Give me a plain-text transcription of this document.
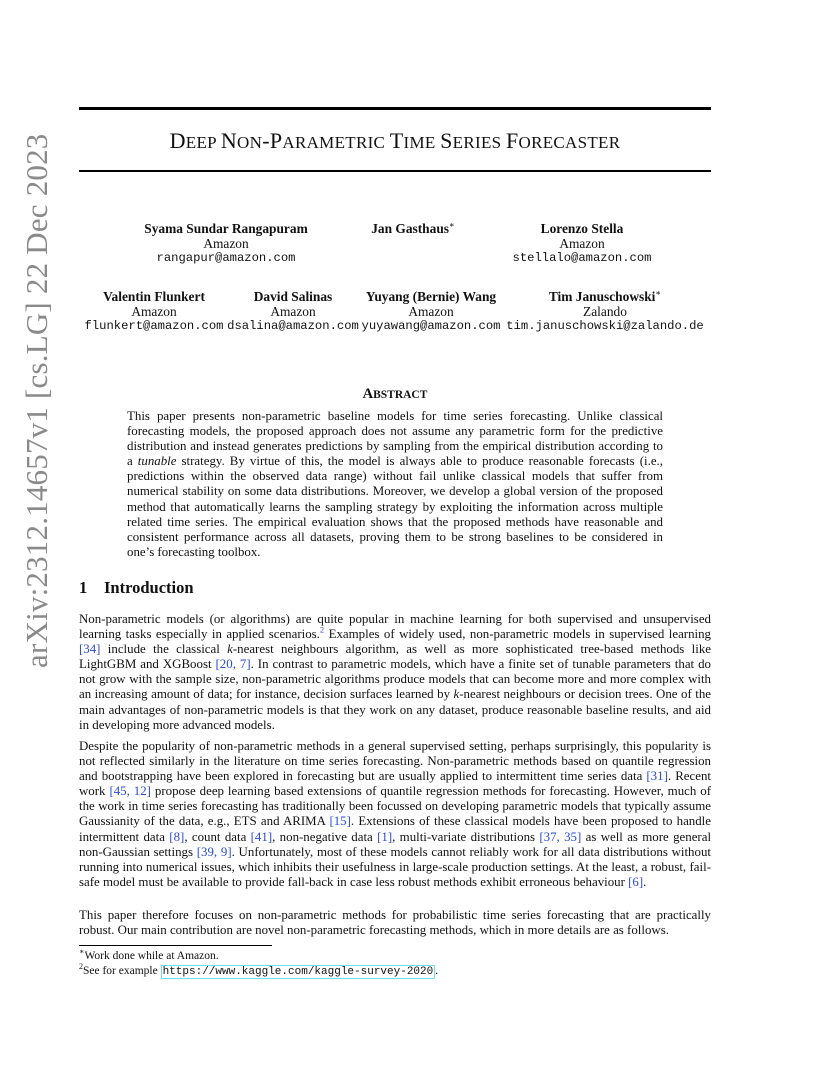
arXiv:2312.14657v1 [cs.LG] 22 Dec 2023	DEEP NON-PARAMETRIC TIME SERIES FORECASTER
Syama Sundar Rangapuram
Amazon
rangapur@amazon.com
Jan Gasthaus∗	Lorenzo Stella
Amazon
stellalo@amazon.com
Valentin Flunkert
Amazon
flunkert@amazon.com
David Salinas
Amazon
dsalina@amazon.com
Yuyang (Bernie) Wang
Amazon
yuyawang@amazon.com
Tim Januschowski∗
Zalando
tim.januschowski@zalando.de
ABSTRACT
This paper presents non-parametric baseline models for time series forecasting. Unlike classical forecasting models, the proposed approach does not assume any parametric form for the predictive distribution and instead generates predictions by sampling from the empirical distribution according to a tunable strategy. By virtue of this, the model is always able to produce reasonable forecasts (i.e., predictions within the observed data range) without fail unlike classical models that suffer from numerical stability on some data distributions. Moreover, we develop a global version of the proposed method that automatically learns the sampling strategy by exploiting the information across multiple related time series. The empirical evaluation shows that the proposed methods have reasonable and consistent performance across all datasets, proving them to be strong baselines to be considered in one’s forecasting toolbox.
1 Introduction
Non-parametric models (or algorithms) are quite popular in machine learning for both supervised and unsupervised learning tasks especially in applied scenarios.$^2$ Examples of widely used, non-parametric models in supervised learning [34] include the classical k-nearest neighbours algorithm, as well as more sophisticated tree-based methods like LightGBM and XGBoost [20, 7]. In contrast to parametric models, which have a finite set of tunable parameters that do not grow with the sample size, non-parametric algorithms produce models that can become more and more complex with an increasing amount of data; for instance, decision surfaces learned by k-nearest neighbours or decision trees. One of the main advantages of non-parametric models is that they work on any dataset, produce reasonable baseline results, and aid in developing more advanced models.
Despite the popularity of non-parametric methods in a general supervised setting, perhaps surprisingly, this popularity is not reflected similarly in the literature on time series forecasting. Non-parametric methods based on quantile regression and bootstrapping have been explored in forecasting but are usually applied to intermittent time series data [31]. Recent work [45, 12] propose deep learning based extensions of quantile regression methods for forecasting. However, much of the work in time series forecasting has traditionally been focussed on developing parametric models that typically assume Gaussianity of the data, e.g., ETS and ARIMA [15]. Extensions of these classical models have been proposed to handle intermittent data [8], count data [41], non-negative data [1], multi-variate distributions [37, 35] as well as more general non-Gaussian settings [39, 9]. Unfortunately, most of these models cannot reliably work for all data distributions without running into numerical issues, which inhibits their usefulness in large-scale production settings. At the least, a robust, fail-safe model must be available to provide fall-back in case less robust methods exhibit erroneous behaviour [6].
This paper therefore focuses on non-parametric methods for probabilistic time series forecasting that are practically robust. Our main contribution are novel non-parametric forecasting methods, which in more details are as follows.
∗Work done while at Amazon.
$^2$See for example https://www.kaggle.com/kaggle-survey-2020 .
